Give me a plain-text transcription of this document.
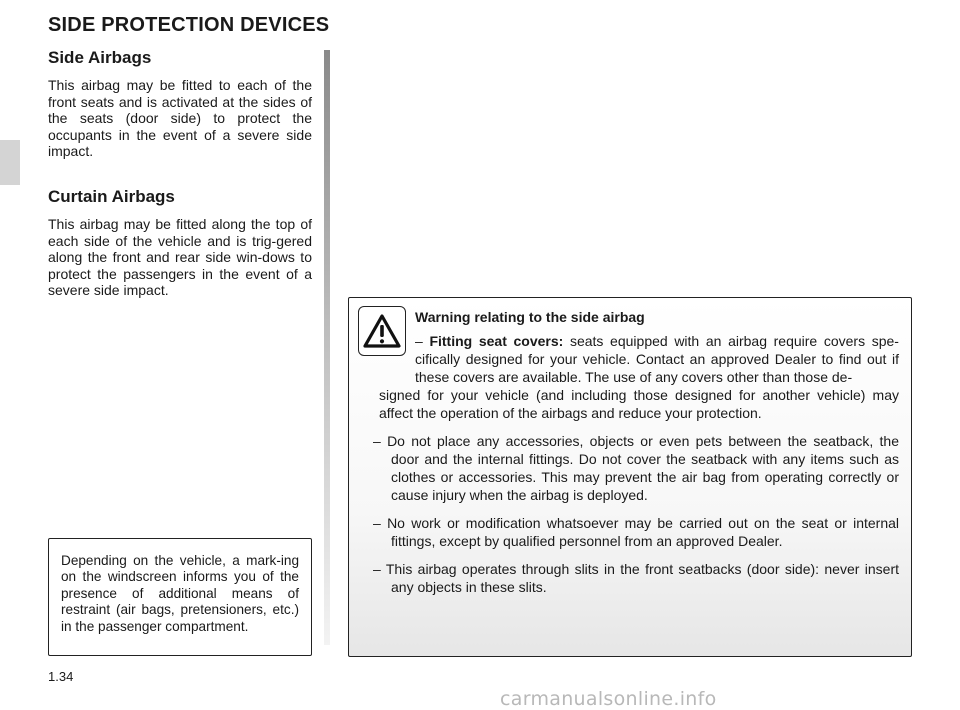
SIDE PROTECTION DEVICES
Side Airbags

This airbag may be fitted to each of the front seats and is activated at the sides of the seats (door side) to protect the occupants in the event of a severe side impact.

Curtain Airbags

This airbag may be fitted along the top of each side of the vehicle and is trig-gered along the front and rear side win-dows to protect the passengers in the event of a severe side impact.

Depending on the vehicle, a mark-ing on the windscreen informs you of the presence of additional means of restraint (air bags, pretensioners, etc.) in the passenger compartment.

Warning relating to the side airbag

– Fitting seat covers: seats equipped with an airbag require covers spe-cifically designed for your vehicle. Contact an approved Dealer to find out if these covers are available. The use of any covers other than those de-

signed for your vehicle (and including those designed for another vehicle) may affect the operation of the airbags and reduce your protection.

– Do not place any accessories, objects or even pets between the seatback, the door and the internal fittings. Do not cover the seatback with any items such as clothes or accessories. This may prevent the air bag from operating correctly or cause injury when the airbag is deployed.

– No work or modification whatsoever may be carried out on the seat or internal fittings, except by qualified personnel from an approved Dealer.

– This airbag operates through slits in the front seatbacks (door side): never insert any objects in these slits.

1.34
carmanualsonline.info
